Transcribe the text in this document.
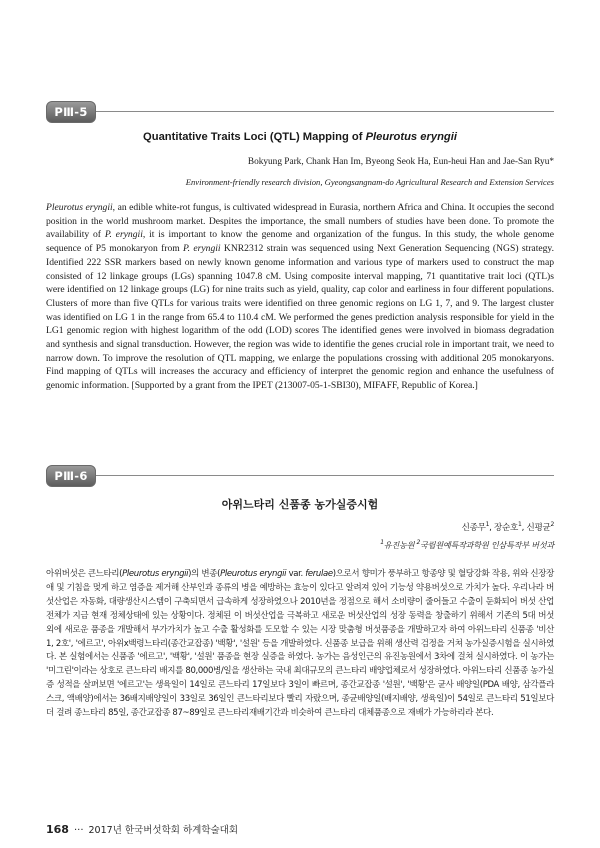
PⅢ-5
Quantitative Traits Loci (QTL) Mapping of Pleurotus eryngii
Bokyung Park, Chank Han Im, Byeong Seok Ha, Eun-heui Han and Jae-San Ryu*
Environment-friendly research division, Gyeongsangnam-do Agricultural Research and Extension Services

Pleurotus eryngii, an edible white-rot fungus, is cultivated widespread in Eurasia, northern Africa and China. It occupies the second position in the world mushroom market. Despites the importance, the small numbers of studies have been done. To promote the availability of P. eryngii, it is important to know the genome and organization of the fungus. In this study, the whole genome sequence of P5 monokaryon from P. eryngii KNR2312 strain was sequenced using Next Generation Sequencing (NGS) strategy. Identified 222 SSR markers based on newly known genome information and various type of markers used to construct the map consisted of 12 linkage groups (LGs) spanning 1047.8 cM. Using composite interval mapping, 71 quantitative trait loci (QTL)s were identified on 12 linkage groups (LG) for nine traits such as yield, quality, cap color and earliness in four different populations. Clusters of more than five QTLs for various traits were identified on three genomic regions on LG 1, 7, and 9. The largest cluster was identified on LG 1 in the range from 65.4 to 110.4 cM. We performed the genes prediction analysis responsible for yield in the LG1 genomic region with highest logarithm of the odd (LOD) scores The identified genes were involved in biomass degradation and synthesis and signal transduction. However, the region was wide to identifie the genes crucial role in important trait, we need to narrow down. To improve the resolution of QTL mapping, we enlarge the populations crossing with additional 205 monokaryons. Find mapping of QTLs will increases the accuracy and efficiency of interpret the genomic region and enhance the usefulness of genomic information. [Supported by a grant from the IPET (213007-05-1-SBI30), MIFAFF, Republic of Korea.]

PⅢ-6
아위느타리 신품종 농가실증시험
신종무$^1$, 장순호$^1$, 신평균$^2$
$^1$유진농원 $^2$국립원예특작과학원 인삼특작부 버섯과

아위버섯은 큰느타리(Pleurotus eryngii)의 변종(Pleurotus eryngii var. ferulae)으로서 향미가 풍부하고 항종양 및 혈당강화 작용, 위와 신장장애 및 기침을 멎게 하고 염증을 제거해 산부인과 종류의 병을 예방하는 효능이 있다고 알려져 있어 기능성 약용버섯으로 가치가 높다. 우리나라 버섯산업은 자동화, 대량생산시스템이 구축되면서 급속하게 성장하였으나 2010년을 정점으로 해서 소비량이 줄어들고 수출이 둔화되어 버섯 산업 전체가 지금 현재 정체상태에 있는 상황이다. 정체된 이 버섯산업을 극복하고 새로운 버섯산업의 성장 동력을 창출하기 위해서 기존의 5대 버섯 외에 새로운 품종을 개발해서 부가가치가 높고 수출 활성화를 도모할 수 있는 시장 맞춤형 버섯품종을 개발하고자 하여 아위느타리 신품종 '비산 1, 2호', '에르고', 아위x백령느타리(종간교잡종) '백황', '설원' 등을 개발하였다. 신품종 보급을 위해 생산력 검정을 거쳐 농가실증시험을 실시하였다. 본 실험에서는 신품종 '에르고', '백황', '설원' 품종을 현장 실증을 하였다. 농가는 음성인근의 유진농원에서 3차에 걸쳐 실시하였다. 이 농가는 '미그린'이라는 상호로 큰느타리 배지를 80,000병/일을 생산하는 국내 최대규모의 큰느타리 배양업체로서 성장하였다. 아위느타리 신품종 농가실증 성적을 살펴보면 '에르고'는 생육일이 14일로 큰느타리 17일보다 3일이 빠르며, 종간교잡종 '설원', '백황'은 균사 배양일(PDA 배양, 삼각플라스크, 액배양)에서는 36배지배양일이 33일로 36일인 큰느타리보다 빨리 자랐으며, 종균배양일(배지배양, 생육일)이 54일로 큰느타리 51일보다 더 걸려 종느타리 85일, 종간교잡종 87~89일로 큰느타리재배기간과 비슷하여 큰느타리 대체품종으로 재배가 가능하리라 본다.

168 ··· 2017년 한국버섯학회 하계학술대회
